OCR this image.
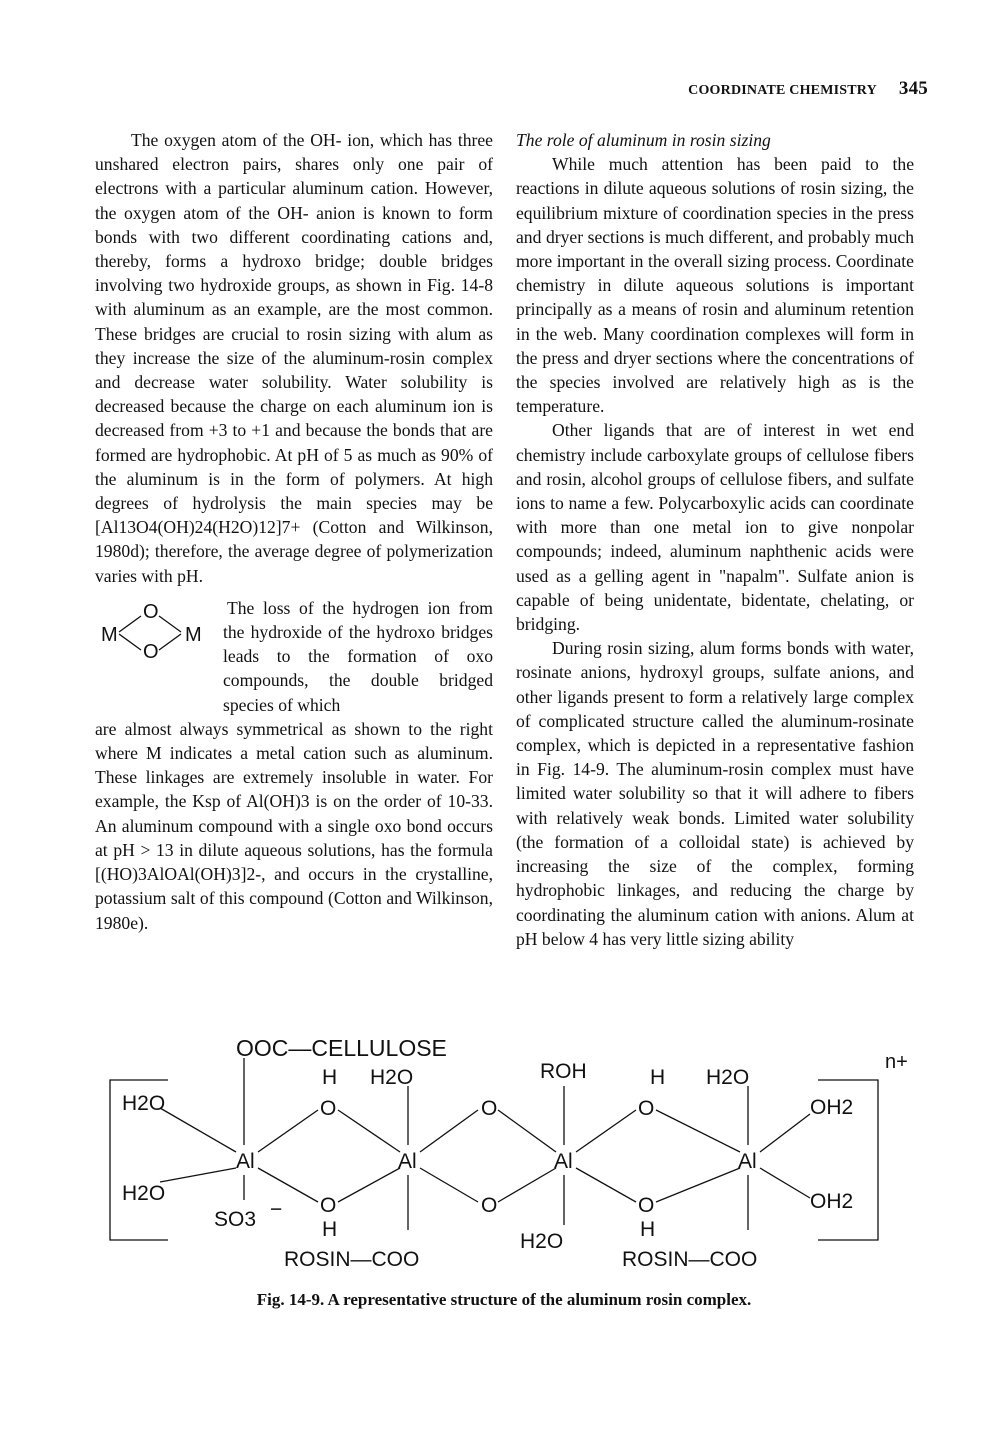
COORDINATE CHEMISTRY 345

The oxygen atom of the OH- ion, which has three unshared electron pairs, shares only one pair of electrons with a particular aluminum cation. However, the oxygen atom of the OH- anion is known to form bonds with two different coordinating cations and, thereby, forms a hydroxo bridge; double bridges involving two hydroxide groups, as shown in Fig. 14-8 with aluminum as an example, are the most common. These bridges are crucial to rosin sizing with alum as they increase the size of the aluminum-rosin complex and decrease water solubility. Water solubility is decreased because the charge on each aluminum ion is decreased from +3 to +1 and because the bonds that are formed are hydrophobic. At pH of 5 as much as 90% of the aluminum is in the form of polymers. At high degrees of hydrolysis the main species may be [Al13O4(OH)24(H2O)12]7+ (Cotton and Wilkinson, 1980d); therefore, the average degree of polymerization varies with pH.

M	M
O
O

The loss of the hydrogen ion from the hydroxide of the hydroxo bridges leads to the formation of oxo compounds, the double bridged species of which

are almost always symmetrical as shown to the right where M indicates a metal cation such as aluminum. These linkages are extremely insoluble in water. For example, the Ksp of Al(OH)3 is on the order of 10-33. An aluminum compound with a single oxo bond occurs at pH > 13 in dilute aqueous solutions, has the formula [(HO)3AlOAl(OH)3]2-, and occurs in the crystalline, potassium salt of this compound (Cotton and Wilkinson, 1980e).

The role of aluminum in rosin sizing

While much attention has been paid to the reactions in dilute aqueous solutions of rosin sizing, the equilibrium mixture of coordination species in the press and dryer sections is much different, and probably much more important in the overall sizing process. Coordinate chemistry in dilute aqueous solutions is important principally as a means of rosin and aluminum retention in the web. Many coordination complexes will form in the press and dryer sections where the concentrations of the species involved are relatively high as is the temperature.

Other ligands that are of interest in wet end chemistry include carboxylate groups of cellulose fibers and rosin, alcohol groups of cellulose fibers, and sulfate ions to name a few. Polycarboxylic acids can coordinate with more than one metal ion to give nonpolar compounds; indeed, aluminum naphthenic acids were used as a gelling agent in "napalm". Sulfate anion is capable of being unidentate, bidentate, chelating, or bridging.

During rosin sizing, alum forms bonds with water, rosinate anions, hydroxyl groups, sulfate anions, and other ligands present to form a relatively large complex of complicated structure called the aluminum-rosinate complex, which is depicted in a representative fashion in Fig. 14-9. The aluminum-rosin complex must have limited water solubility so that it will adhere to fibers with relatively weak bonds. Limited water solubility (the formation of a colloidal state) is achieved by increasing the size of the complex, forming hydrophobic linkages, and reducing the charge by coordinating the aluminum cation with anions. Alum at pH below 4 has very little sizing ability

OOC—CELLULOSE
n+
ROH
H	H
H2O	H2O
O	O	O
O	O	O
Al	Al	Al	Al
H2O
H2O
OH2
OH2
SO3 −
H	H
H2O
ROSIN—COO	ROSIN—COO
Fig. 14-9. A representative structure of the aluminum rosin complex.
